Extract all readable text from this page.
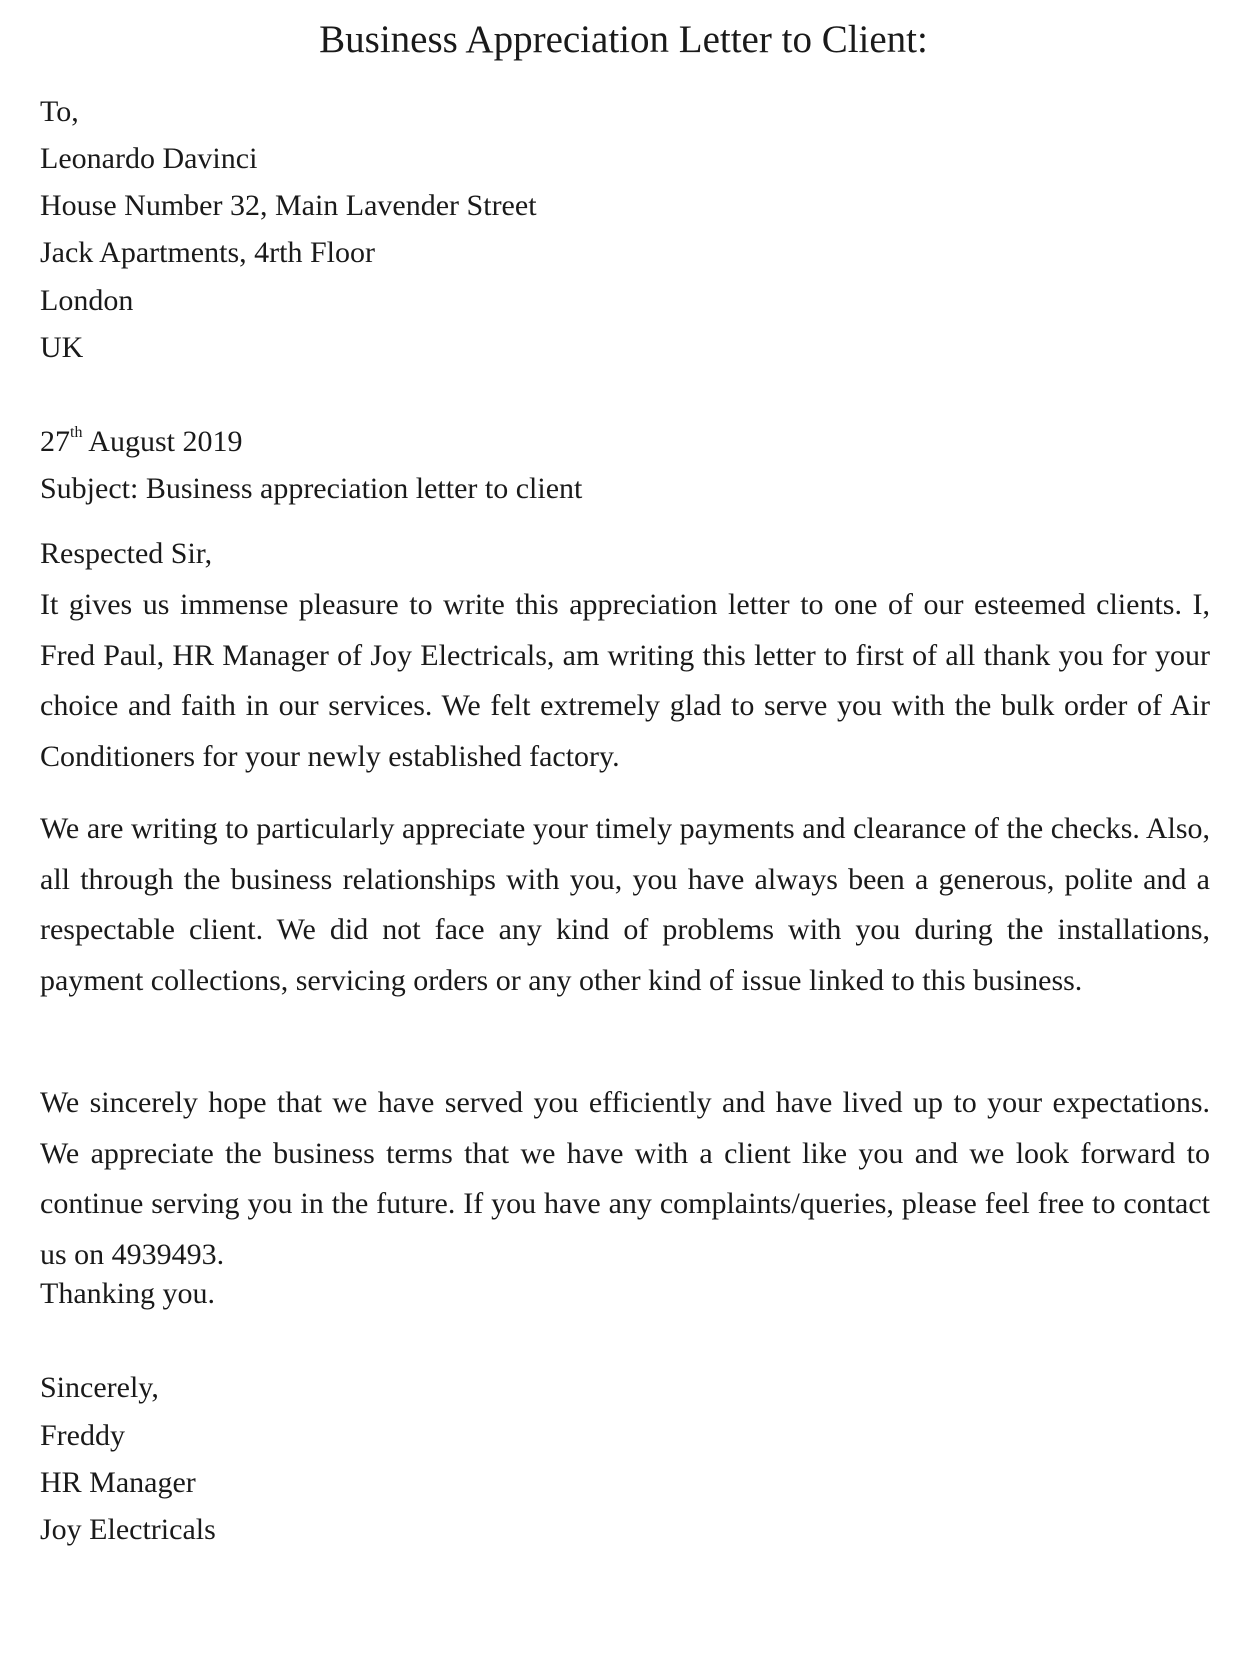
Business Appreciation Letter to Client:
To,
Leonardo Davinci
House Number 32, Main Lavender Street
Jack Apartments, 4rth Floor
London
UK
27th August 2019
Subject: Business appreciation letter to client
Respected Sir,

It gives us immense pleasure to write this appreciation letter to one of our esteemed clients. I, Fred Paul, HR Manager of Joy Electricals, am writing this letter to first of all thank you for your choice and faith in our services. We felt extremely glad to serve you with the bulk order of Air Conditioners for your newly established factory.

We are writing to particularly appreciate your timely payments and clearance of the checks. Also, all through the business relationships with you, you have always been a generous, polite and a respectable client. We did not face any kind of problems with you during the installations, payment collections, servicing orders or any other kind of issue linked to this business.

We sincerely hope that we have served you efficiently and have lived up to your expectations. We appreciate the business terms that we have with a client like you and we look forward to continue serving you in the future. If you have any complaints/queries, please feel free to contact us on 4939493.

Thanking you.
Sincerely,
Freddy
HR Manager
Joy Electricals
